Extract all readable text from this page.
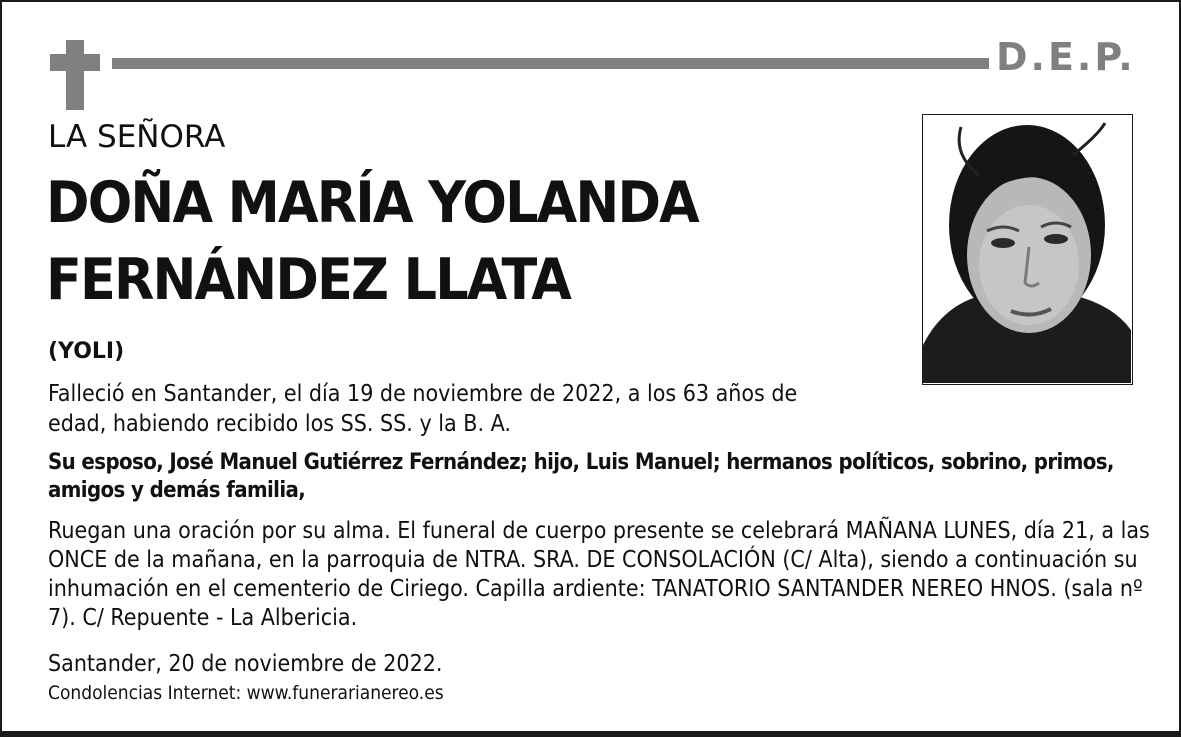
D.E.P.
LA SEÑORA
DOÑA MARÍA YOLANDA
FERNÁNDEZ LLATA
(YOLI)
Falleció en Santander, el día 19 de noviembre de 2022, a los 63 años de edad, habiendo recibido los SS. SS. y la B. A.
Su esposo, José Manuel Gutiérrez Fernández; hijo, Luis Manuel; hermanos políticos, sobrino, primos, amigos y demás familia,
Ruegan una oración por su alma. El funeral de cuerpo presente se celebrará MAÑANA LUNES, día 21, a las ONCE de la mañana, en la parroquia de NTRA. SRA. DE CONSOLACIÓN (C/ Alta), siendo a continuación su inhumación en el cementerio de Ciriego. Capilla ardiente: TANATORIO SANTANDER NEREO HNOS. (sala nº 7). C/ Repuente - La Albericia.
Santander, 20 de noviembre de 2022.
Condolencias Internet: www.funerarianereo.es
